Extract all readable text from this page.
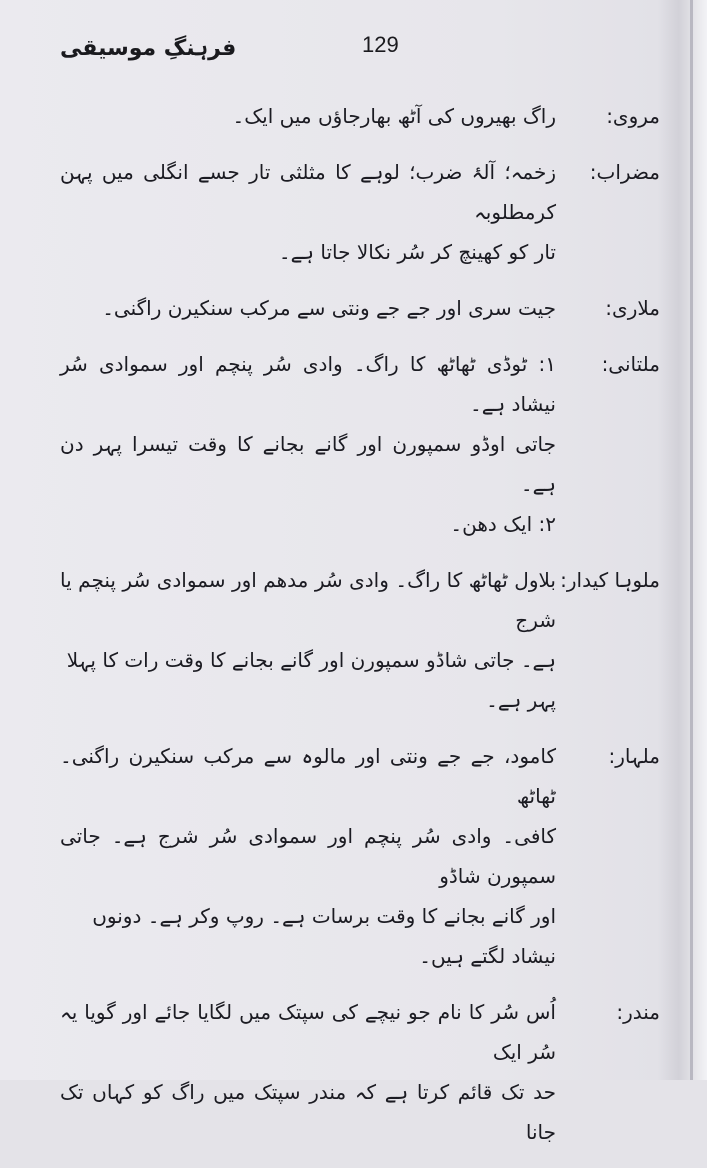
فرہنگِ موسیقی	129
مروی:
راگ بھیروں کی آٹھ بھارجاؤں میں ایک۔
مضراب:
زخمہ؛ آلۂ ضرب؛ لوہے کا مثلثی تار جسے انگلی میں پہن کرمطلوبہ
تار کو کھینچ کر سُر نکالا جاتا ہے۔
ملاری:
جیت سری اور جے جے ونتی سے مرکب سنکیرن راگنی۔
ملتانی:
۱: ٹوڈی ٹھاٹھ کا راگ۔ وادی سُر پنچم اور سموادی سُر نیشاد ہے۔
جاتی اوڈو سمپورن اور گانے بجانے کا وقت تیسرا پہر دن ہے۔
۲: ایک دھن۔
ملوہا کیدار:
بلاول ٹھاٹھ کا راگ۔ وادی سُر مدھم اور سموادی سُر پنچم یا شرج
ہے۔ جاتی شاڈو سمپورن اور گانے بجانے کا وقت رات کا پہلا
پہر ہے۔
ملہار:
کامود، جے جے ونتی اور مالوہ سے مرکب سنکیرن راگنی۔ ٹھاٹھ
کافی۔ وادی سُر پنچم اور سموادی سُر شرج ہے۔ جاتی سمپورن شاڈو
اور گانے بجانے کا وقت برسات ہے۔ روپ وکر ہے۔ دونوں
نیشاد لگتے ہیں۔
مندر:
اُس سُر کا نام جو نیچے کی سپتک میں لگایا جائے اور گویا یہ سُر ایک
حد تک قائم کرتا ہے کہ مندر سپتک میں راگ کو کہاں تک جانا
